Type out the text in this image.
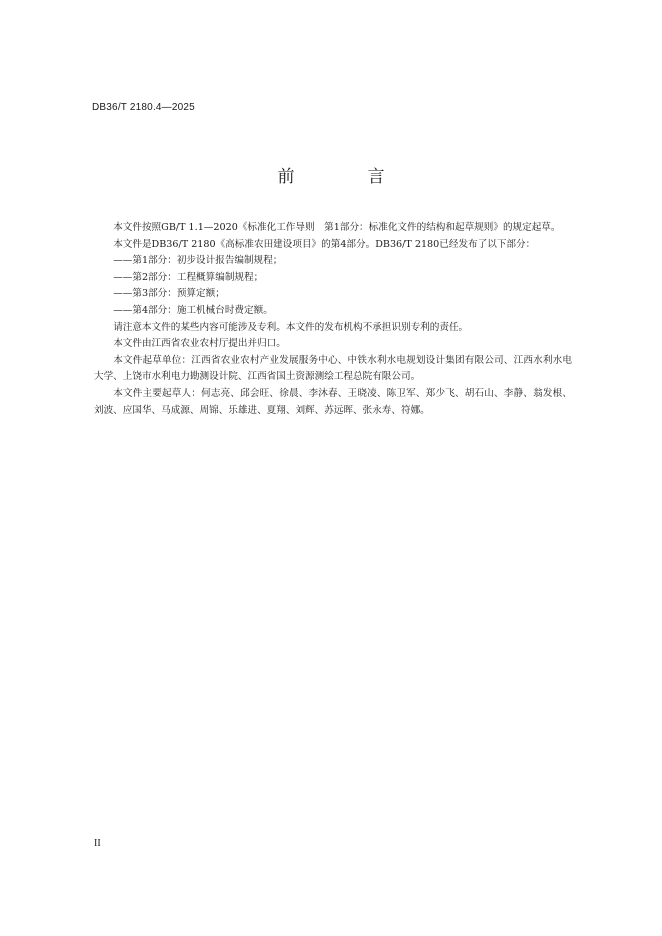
DB36/T 2180.4—2025
前　言

本文件按照GB/T 1.1—2020《标准化工作导则　第1部分：标准化文件的结构和起草规则》的规定起草。

本文件是DB36/T 2180《高标准农田建设项目》的第4部分。DB36/T 2180已经发布了以下部分：

——第1部分：初步设计报告编制规程；

——第2部分：工程概算编制规程；

——第3部分：预算定额；

——第4部分：施工机械台时费定额。

请注意本文件的某些内容可能涉及专利。本文件的发布机构不承担识别专利的责任。

本文件由江西省农业农村厅提出并归口。

本文件起草单位：江西省农业农村产业发展服务中心、中铁水利水电规划设计集团有限公司、江西水利水电大学、上饶市水利电力勘测设计院、江西省国土资源测绘工程总院有限公司。

本文件主要起草人：何志亮、邱会旺、徐晨、李沐春、王晓凌、陈卫军、郑少飞、胡石山、李静、翁发根、刘波、应国华、马成源、周锦、乐雄进、夏翔、刘辉、苏远晖、张永寿、符娜。

II
